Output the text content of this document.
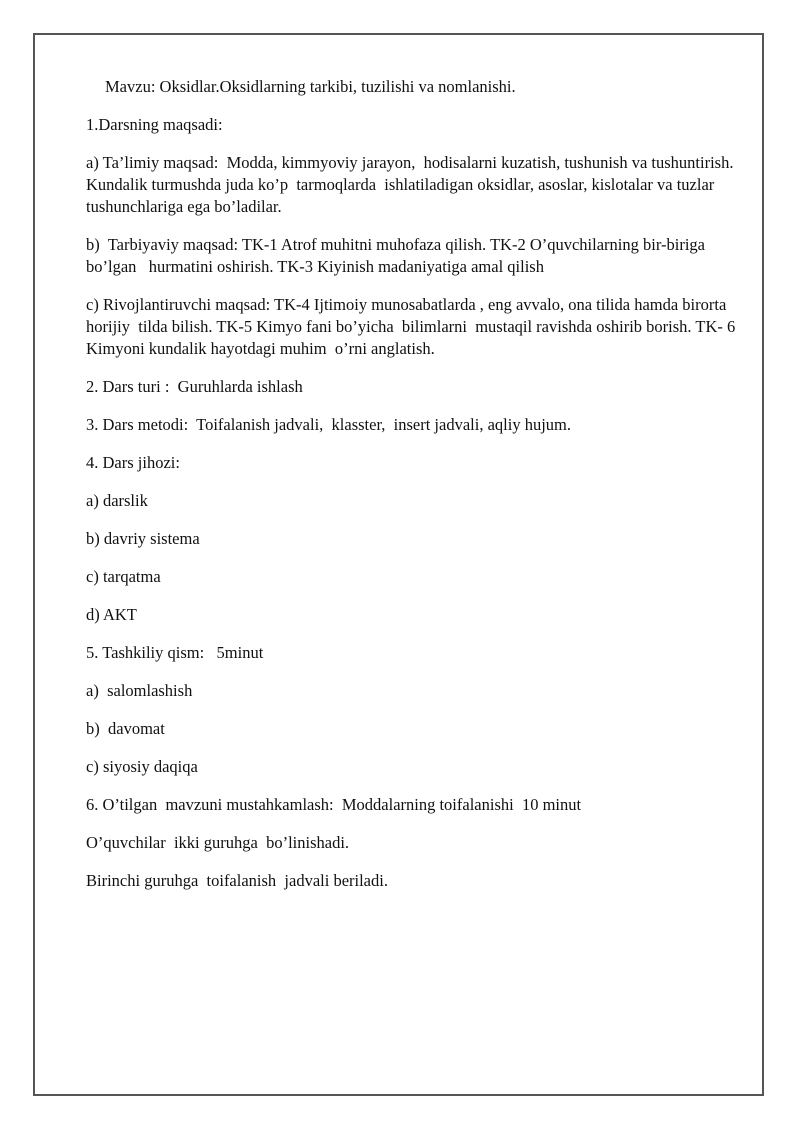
Mavzu: Oksidlar.Oksidlarning tarkibi, tuzilishi va nomlanishi.

1.Darsning maqsadi:

a) Ta’limiy maqsad:  Modda, kimmyoviy jarayon,  hodisalarni kuzatish, tushunish va tushuntirish. Kundalik turmushda juda ko’p  tarmoqlarda  ishlatiladigan oksidlar, asoslar, kislotalar va tuzlar tushunchlariga ega bo’ladilar.

b)  Tarbiyaviy maqsad: TK-1 Atrof muhitni muhofaza qilish. TK-2 O’quvchilarning bir-biriga bo’lgan   hurmatini oshirish. TK-3 Kiyinish madaniyatiga amal qilish

c) Rivojlantiruvchi maqsad: TK-4 Ijtimoiy munosabatlarda , eng avvalo, ona tilida hamda birorta horijiy  tilda bilish. TK-5 Kimyo fani bo’yicha  bilimlarni  mustaqil ravishda oshirib borish. TK- 6  Kimyoni kundalik hayotdagi muhim  o’rni anglatish.

2. Dars turi :  Guruhlarda ishlash

3. Dars metodi:  Toifalanish jadvali,  klasster,  insert jadvali, aqliy hujum.

4. Dars jihozi:

a) darslik

b) davriy sistema

c) tarqatma

d) AKT

5. Tashkiliy qism:   5minut

a)  salomlashish

b)  davomat

c) siyosiy daqiqa

6. O’tilgan  mavzuni mustahkamlash:  Moddalarning toifalanishi  10 minut

O’quvchilar  ikki guruhga  bo’linishadi.

Birinchi guruhga  toifalanish  jadvali beriladi.
